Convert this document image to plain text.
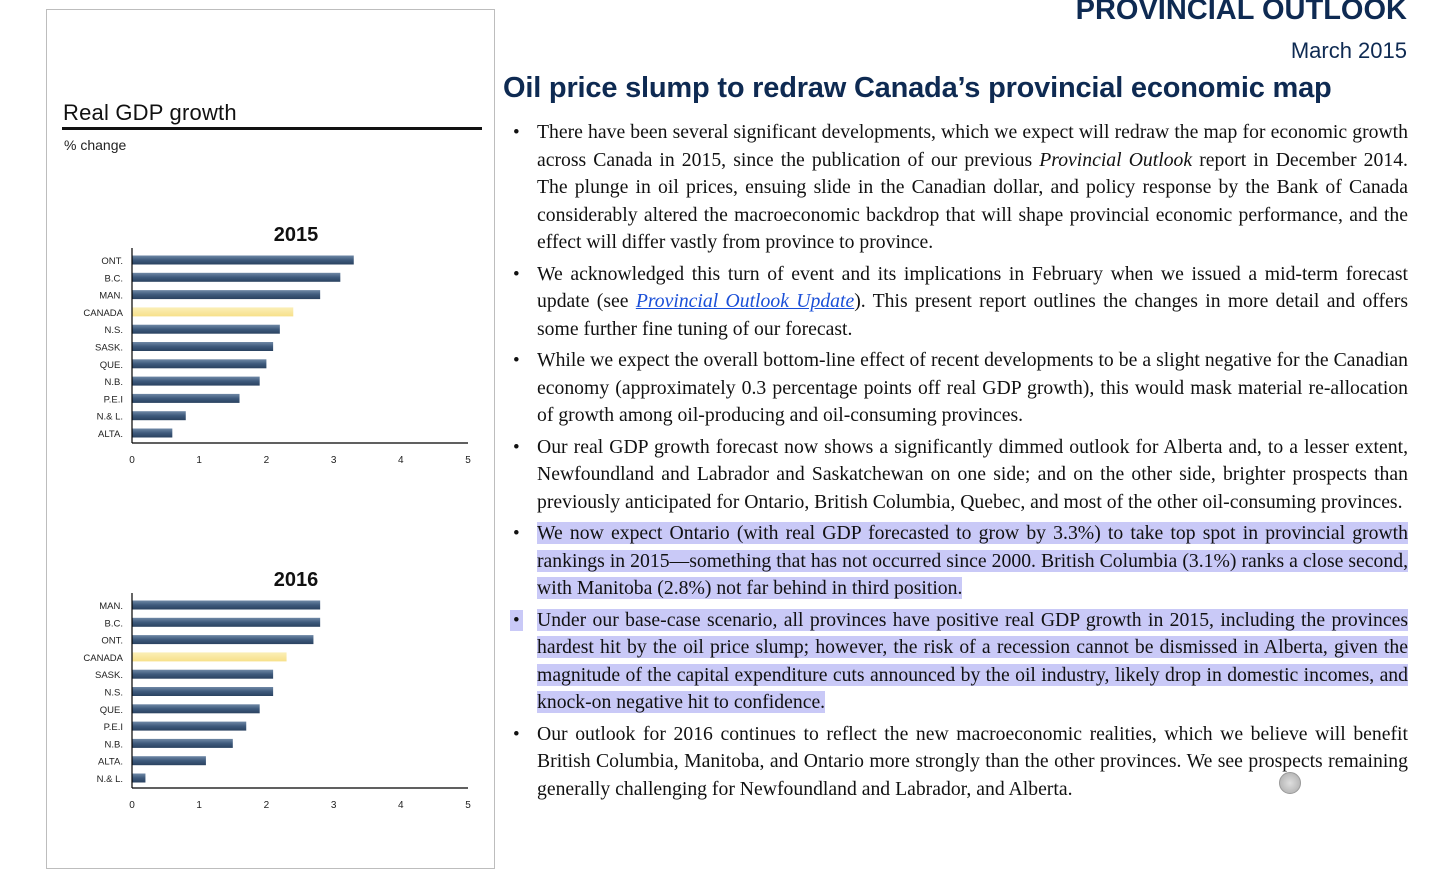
Real GDP growth
% change
2015
ONT.
B.C.
MAN.
CANADA
N.S.
SASK.
QUE.
N.B.
P.E.I
N.& L.
ALTA.
0	1	2	3	4	5
2016
MAN.
B.C.
ONT.
CANADA
SASK.
N.S.
QUE.
P.E.I
N.B.
ALTA.
N.& L.
0	1	2	3	4	5
PROVINCIAL OUTLOOK
March 2015
Oil price slump to redraw Canada’s provincial economic map
• There have been several significant developments, which we expect will redraw the map for economic growth across Canada in 2015, since the publication of our previous Provincial Outlook report in December 2014. The plunge in oil prices, ensuing slide in the Canadian dollar, and policy response by the Bank of Canada considerably altered the macroeconomic backdrop that will shape provincial economic performance, and the effect will differ vastly from province to province.
• We acknowledged this turn of event and its implications in February when we issued a mid-term forecast update (see Provincial Outlook Update). This present report outlines the changes in more detail and offers some further fine tuning of our forecast.
• While we expect the overall bottom-line effect of recent developments to be a slight negative for the Canadian economy (approximately 0.3 percentage points off real GDP growth), this would mask material re-allocation of growth among oil-producing and oil-consuming provinces.
• Our real GDP growth forecast now shows a significantly dimmed outlook for Alberta and, to a lesser extent, Newfoundland and Labrador and Saskatchewan on one side; and on the other side, brighter prospects than previously anticipated for Ontario, British Columbia, Quebec, and most of the other oil-consuming provinces.
• We now expect Ontario (with real GDP forecasted to grow by 3.3%) to take top spot in provincial growth rankings in 2015—something that has not occurred since 2000. British Columbia (3.1%) ranks a close second, with Manitoba (2.8%) not far behind in third position.
• Under our base-case scenario, all provinces have positive real GDP growth in 2015, including the provinces hardest hit by the oil price slump; however, the risk of a recession cannot be dismissed in Alberta, given the magnitude of the capital expenditure cuts announced by the oil industry, likely drop in domestic incomes, and knock-on negative hit to confidence.
• Our outlook for 2016 continues to reflect the new macroeconomic realities, which we believe will benefit British Columbia, Manitoba, and Ontario more strongly than the other provinces. We see prospects remaining generally challenging for Newfoundland and Labrador, and Alberta.
